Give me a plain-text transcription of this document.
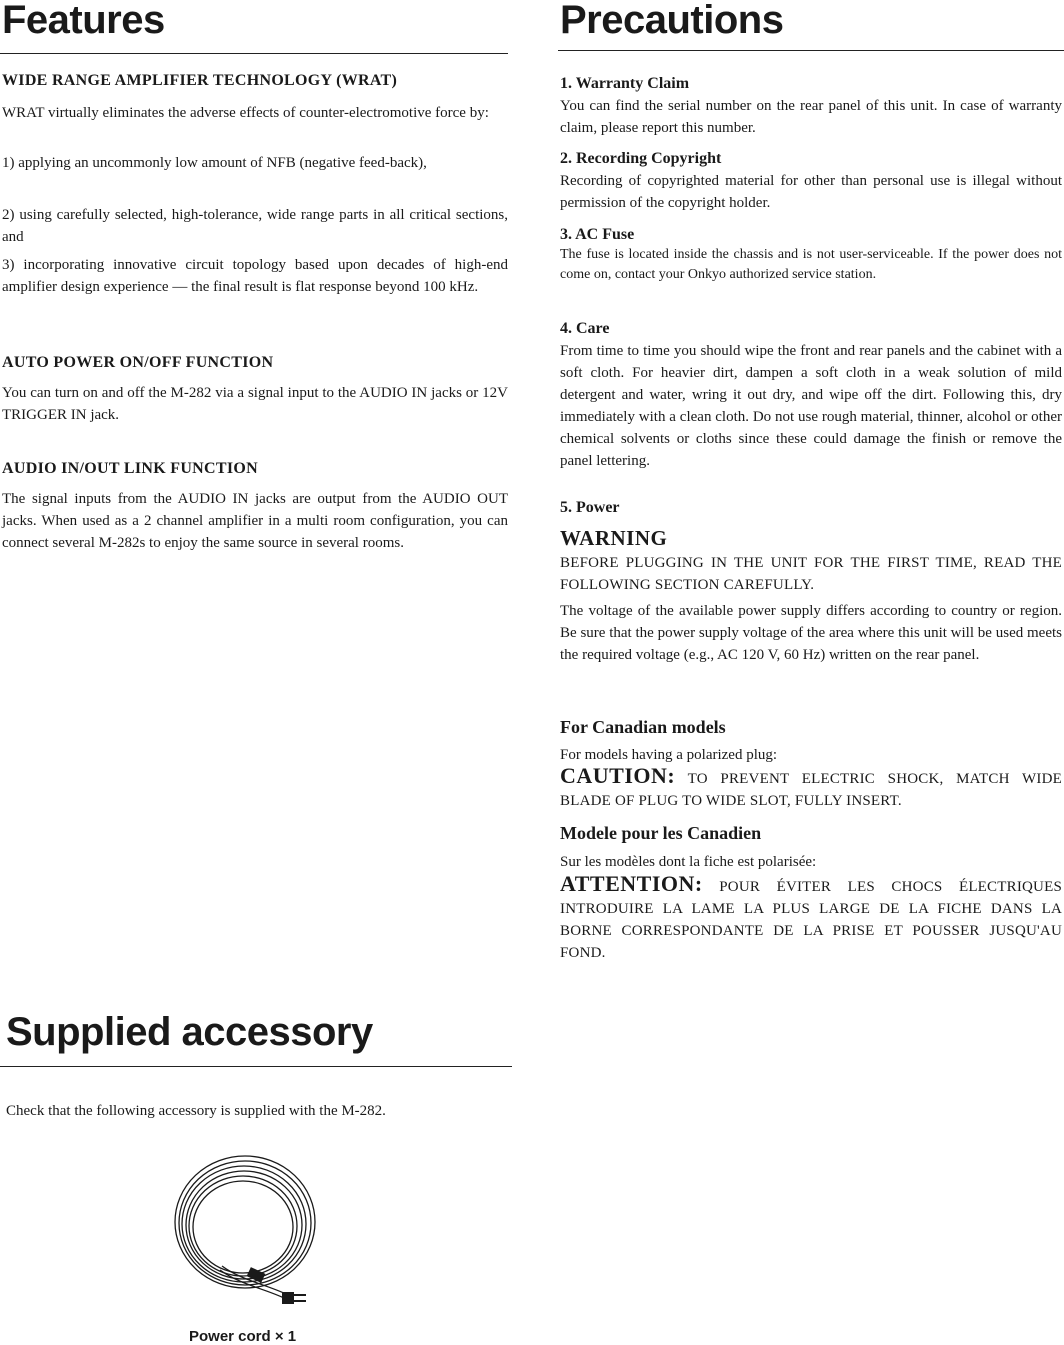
Features
WIDE RANGE AMPLIFIER TECHNOLOGY (WRAT)

WRAT virtually eliminates the adverse effects of counter-electromotive force by:

1) applying an uncommonly low amount of NFB (negative feed-back),

2) using carefully selected, high-tolerance, wide range parts in all critical sections, and

3) incorporating innovative circuit topology based upon decades of high-end amplifier design experience — the final result is flat response beyond 100 kHz.

AUTO POWER ON/OFF FUNCTION

You can turn on and off the M-282 via a signal input to the AUDIO IN jacks or 12V TRIGGER IN jack.

AUDIO IN/OUT LINK FUNCTION

The signal inputs from the AUDIO IN jacks are output from the AUDIO OUT jacks. When used as a 2 channel amplifier in a multi room configuration, you can connect several M-282s to enjoy the same source in several rooms.

Supplied accessory

Check that the following accessory is supplied with the M-282.

Power cord × 1
Precautions
1. Warranty Claim

You can find the serial number on the rear panel of this unit. In case of warranty claim, please report this number.

2. Recording Copyright

Recording of copyrighted material for other than personal use is illegal without permission of the copyright holder.

3. AC Fuse

The fuse is located inside the chassis and is not user-serviceable. If the power does not come on, contact your Onkyo authorized service station.

4. Care

From time to time you should wipe the front and rear panels and the cabinet with a soft cloth. For heavier dirt, dampen a soft cloth in a weak solution of mild detergent and water, wring it out dry, and wipe off the dirt. Following this, dry immediately with a clean cloth. Do not use rough material, thinner, alcohol or other chemical solvents or cloths since these could damage the finish or remove the panel lettering.

5. Power
WARNING

BEFORE PLUGGING IN THE UNIT FOR THE FIRST TIME, READ THE FOLLOWING SECTION CAREFULLY.

The voltage of the available power supply differs according to country or region. Be sure that the power supply voltage of the area where this unit will be used meets the required voltage (e.g., AC 120 V, 60 Hz) written on the rear panel.

For Canadian models

For models having a polarized plug:

CAUTION: TO PREVENT ELECTRIC SHOCK, MATCH WIDE BLADE OF PLUG TO WIDE SLOT, FULLY INSERT.

Modele pour les Canadien

Sur les modèles dont la fiche est polarisée:

ATTENTION: POUR ÉVITER LES CHOCS ÉLECTRIQUES INTRODUIRE LA LAME LA PLUS LARGE DE LA FICHE DANS LA BORNE CORRESPONDANTE DE LA PRISE ET POUSSER JUSQU'AU FOND.
